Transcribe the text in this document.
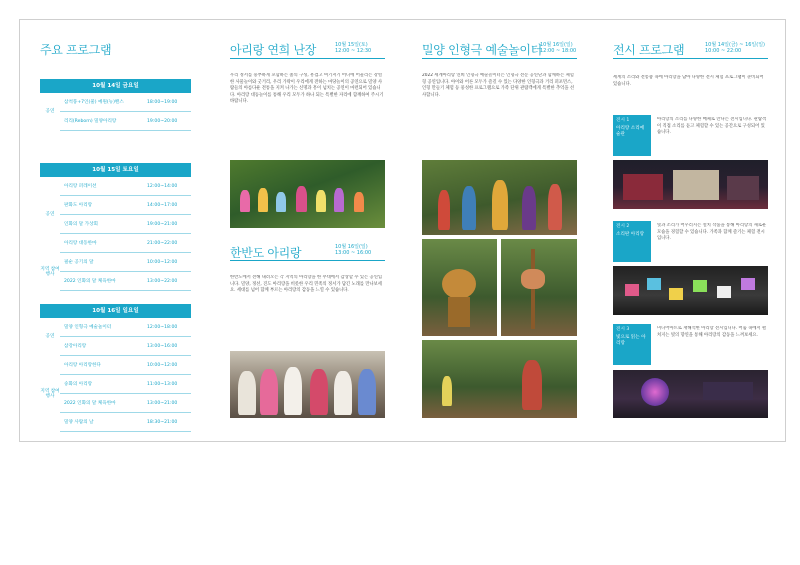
주요 프로그램
10월 14일 금요일
공연
삼척풍+7인(물) 예원(뉴)밴스	18:00~19:00
리리(Reborn) 밀양아리랑	19:00~20:00
10월 15일 토요일
공연
아리랑 퍼레이션	12:00~14:00
판화도 아리랑	14:00~17:00
인화의 달 가상회	19:00~21:00
아리랑 대동한마	21:00~22:00
지역 참여 행사
필순 공기의 달	10:00~12:00
2022 인화의 달 체육한마	13:00~22:00
10월 16일 일요일
공연
밀양 인형극 예술놀이터	12:00~18:00
삼강아리랑	13:00~16:00
지역 참여 행사
아리랑 아리랑한다	10:00~12:00
숭화의 아리랑	11:00~13:00
2022 인화의 달 체육한마	13:00~21:00
밀양 사람의 날	18:30~21:00
아리랑 연희 난장	10월 15일(토)
12:00 ~ 12:30
우리 정서를 풍부하게 포함하는 춤의 구성, 흥겹고 여기저기 어디에 어울리는 강렬한 사물놀이와 굿거리, 우리 가락이 우리에게 전하는 마당놀이의 공연으로 밀양 사람들의 아름다운 전통을 지켜 나가는 신명과 흥이 넘치는 공연이 마련되어 있습니다. 아리랑 대동놀이를 통해 우리 모두가 하나 되는 특별한 자리에 함께하여 주시기 바랍니다.
한반도 아리랑	10월 16일(일)
13:00 ~ 16:00
한반도에서 전해 내려오는 각 지역의 아리랑을 한 무대에서 감상할 수 있는 공연입니다. 밀양, 정선, 진도 아리랑을 비롯한 우리 민족의 정서가 담긴 노래를 만나보세요. 세대를 넘어 함께 부르는 아리랑의 감동을 느낄 수 있습니다.
밀양 인형극 예술놀이터
10월 16일(일)
12:00 ~ 18:00
2022 세계아리랑 연희 인형극 예술놀이터는 인형극 전문 공연단과 함께하는 체험형 공연입니다. 아이와 어른 모두가 즐길 수 있는 다양한 인형극과 거리 퍼포먼스, 인형 만들기 체험 등 풍성한 프로그램으로 가족 단위 관람객에게 특별한 추억을 선사합니다.
전시 프로그램	10월 14일(금) ~ 16일(일)
10:00 ~ 22:00
세계의 소리와 전통춤 속에 아리랑을 담아 다양한 전시 체험 프로그램이 준비되어 있습니다.
전시 1
아리랑 소리예술관
아리랑의 소리를 다양한 매체로 만나는 전시입니다. 관람객이 직접 소리를 듣고 체험할 수 있는 공간으로 구성되어 있습니다.
전시 2
소리판 아리랑
빛과 소리가 어우러지는 설치 작품을 통해 아리랑의 새로운 모습을 경험할 수 있습니다. 가족과 함께 즐기는 체험 전시입니다.
전시 3
빛으로 읽는 아리랑
미디어아트로 재해석한 아리랑 전시입니다. 어둠 속에서 펼쳐지는 빛의 향연을 통해 아리랑의 감동을 느껴보세요.
